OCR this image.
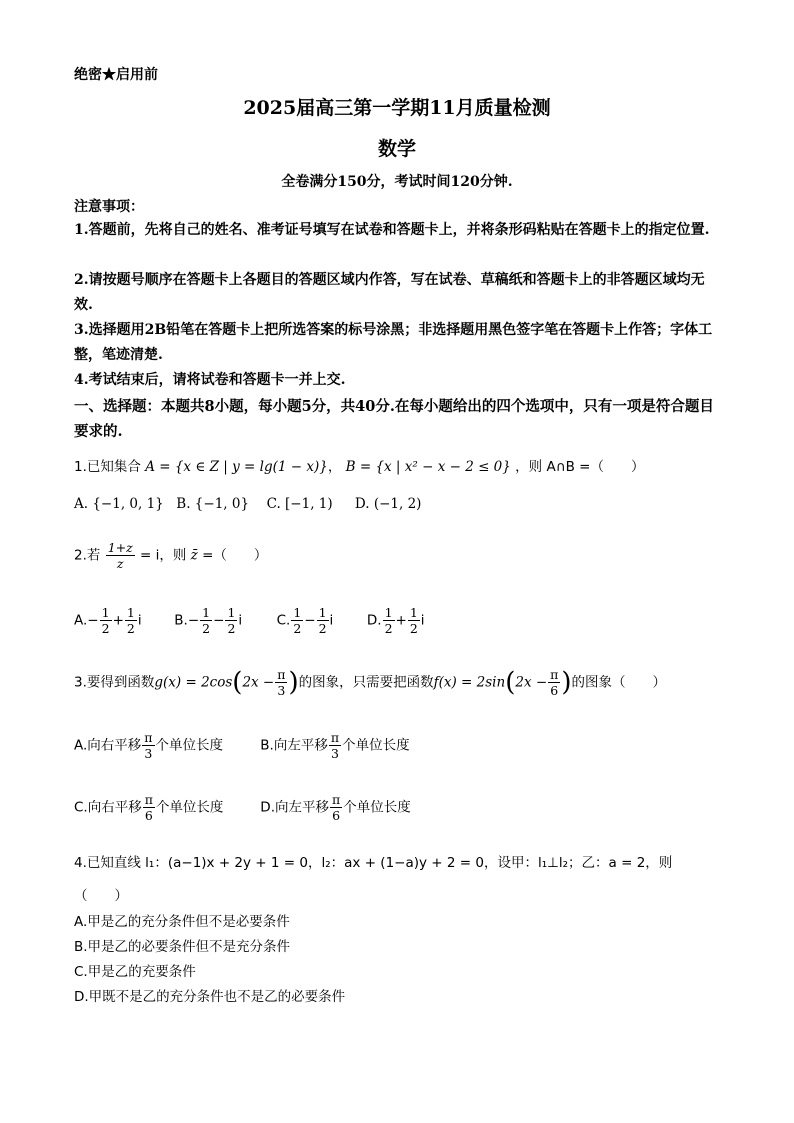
绝密★启用前
2025届高三第一学期11月质量检测
数学
全卷满分150分，考试时间120分钟.
注意事项：
1.答题前，先将自己的姓名、准考证号填写在试卷和答题卡上，并将条形码粘贴在答题卡上的指定位置.
2.请按题号顺序在答题卡上各题目的答题区域内作答，写在试卷、草稿纸和答题卡上的非答题区域均无效.
3.选择题用2B铅笔在答题卡上把所选答案的标号涂黑；非选择题用黑色签字笔在答题卡上作答；字体工整，笔迹清楚.
4.考试结束后，请将试卷和答题卡一并上交.
一、选择题：本题共8小题，每小题5分，共40分.在每小题给出的四个选项中，只有一项是符合题目要求的.
1.已知集合 A = {x ∈ Z | y = lg(1 − x)}， B = {x | x² − x − 2 ≤ 0} ，则 A∩B =（　　）
A. {−1, 0, 1} B. {−1, 0} C. [−1, 1) D. (−1, 2)
2.若 $\frac{1+z}{z} = i$，则 z̄ =（　　）
$A.- \frac{1}{2} + \frac{1}{2}$ i $B.- \frac{1}{2} - \frac{1}{2}$ i	C. $\frac{1}{2} - \frac{1}{2}$ i D. $\frac{1}{2} + \frac{1}{2}$ i
3.要得到函数$g(x) = 2\cos(2x - \frac{\pi}{3}$ )的图象，只需要把函数$f(x) = 2\sin(2x - \frac{\pi}{6}$ )的图象（　　）
A.向右平移 $\frac{\pi}{3}$ 个单位长度	B.向左平移 $\frac{\pi}{3}$ 个单位长度
C.向右平移 $\frac{\pi}{6}$ 个单位长度	D.向左平移 $\frac{\pi}{6}$ 个单位长度
4.已知直线 l₁：(a−1)x + 2y + 1 = 0，l₂：ax + (1−a)y + 2 = 0，设甲：l₁⊥l₂；乙：a = 2，则
（　　）
A.甲是乙的充分条件但不是必要条件
B.甲是乙的必要条件但不是充分条件
C.甲是乙的充要条件
D.甲既不是乙的充分条件也不是乙的必要条件
